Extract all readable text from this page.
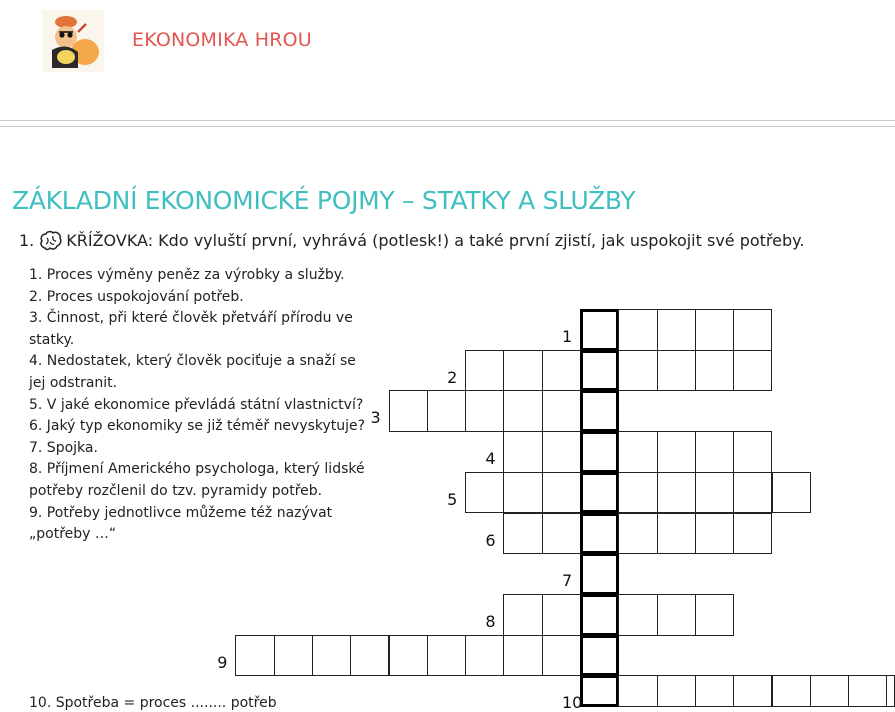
EKONOMIKA HROU
ZÁKLADNÍ EKONOMICKÉ POJMY – STATKY A SLUŽBY
1. KŘÍŽOVKA: Kdo vyluští první, vyhrává (potlesk!) a také první zjistí, jak uspokojit své potřeby.

1. Proces výměny peněz za výrobky a služby.

2. Proces uspokojování potřeb.

3. Činnost, při které člověk přetváří přírodu ve statky.

4. Nedostatek, který člověk pociťuje a snaží se jej odstranit.

5. V jaké ekonomice převládá státní vlastnictví?

6. Jaký typ ekonomiky se již téměř nevyskytuje?

7. Spojka.

8. Příjmení Amerického psychologa, který lidské potřeby rozčlenil do tzv. pyramidy potřeb.

9. Potřeby jednotlivce můžeme též nazývat „potřeby …“

10. Spotřeba = proces ........ potřeb
1
2
3
4
5
6
7
8
9
10
